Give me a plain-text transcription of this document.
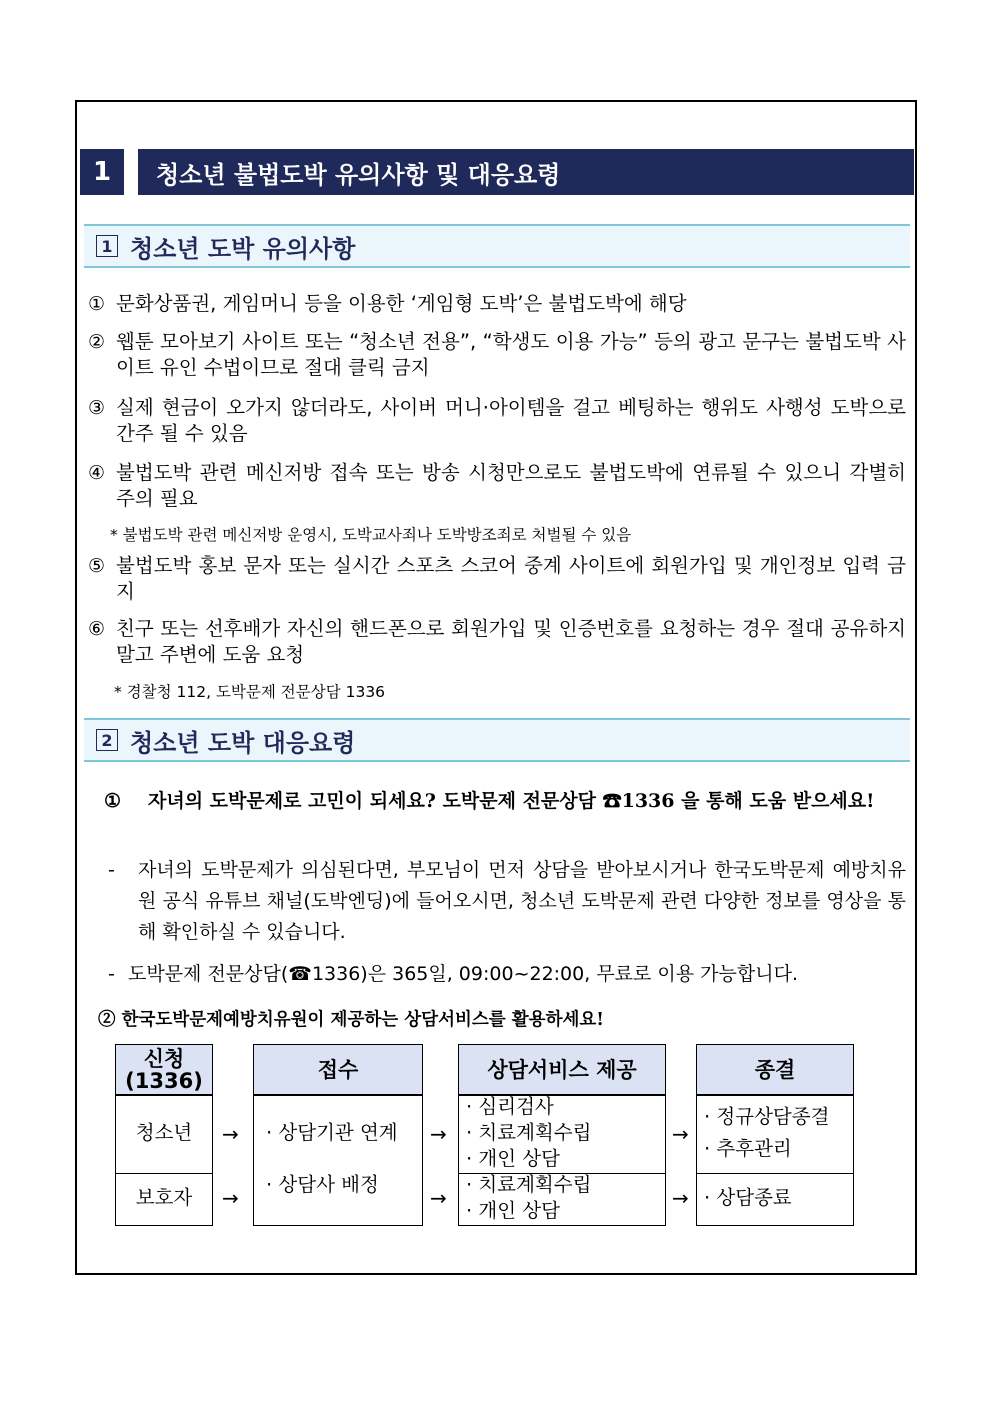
1	청소년 불법도박 유의사항 및 대응요령
1 청소년 도박 유의사항
① 문화상품권, 게임머니 등을 이용한 ‘게임형 도박’은 불법도박에 해당
② 웹툰 모아보기 사이트 또는 “청소년 전용”, “학생도 이용 가능” 등의 광고 문구는 불법도박 사이트 유인 수법이므로 절대 클릭 금지
③ 실제 현금이 오가지 않더라도, 사이버 머니·아이템을 걸고 베팅하는 행위도 사행성 도박으로 간주 될 수 있음
④ 불법도박 관련 메신저방 접속 또는 방송 시청만으로도 불법도박에 연류될 수 있으니 각별히 주의 필요
* 불법도박 관련 메신저방 운영시, 도박교사죄나 도박방조죄로 처벌될 수 있음
⑤ 불법도박 홍보 문자 또는 실시간 스포츠 스코어 중계 사이트에 회원가입 및 개인정보 입력 금지
⑥ 친구 또는 선후배가 자신의 핸드폰으로 회원가입 및 인증번호를 요청하는 경우 절대 공유하지 말고 주변에 도움 요청
* 경찰청 112, 도박문제 전문상담 1336
2 청소년 도박 대응요령
① 자녀의 도박문제로 고민이 되세요? 도박문제 전문상담 ☎1336 을 통해 도움 받으세요!
- 자녀의 도박문제가 의심된다면, 부모님이 먼저 상담을 받아보시거나 한국도박문제 예방치유원 공식 유튜브 채널(도박엔딩)에 들어오시면, 청소년 도박문제 관련 다양한 정보를 영상을 통해 확인하실 수 있습니다.
- 도박문제 전문상담(☎1336)은 365일, 09:00~22:00, 무료로 이용 가능합니다.
② 한국도박문제예방치유원이 제공하는 상담서비스를 활용하세요!
신청
(1336)
청소년
보호자
→
→
접수
· 상담기관 연계
· 상담사 배정
→
→
상담서비스 제공
· 심리검사
· 치료계획수립
· 개인 상담
· 치료계획수립
· 개인 상담
→
→
종결
· 정규상담종결
· 추후관리
· 상담종료
